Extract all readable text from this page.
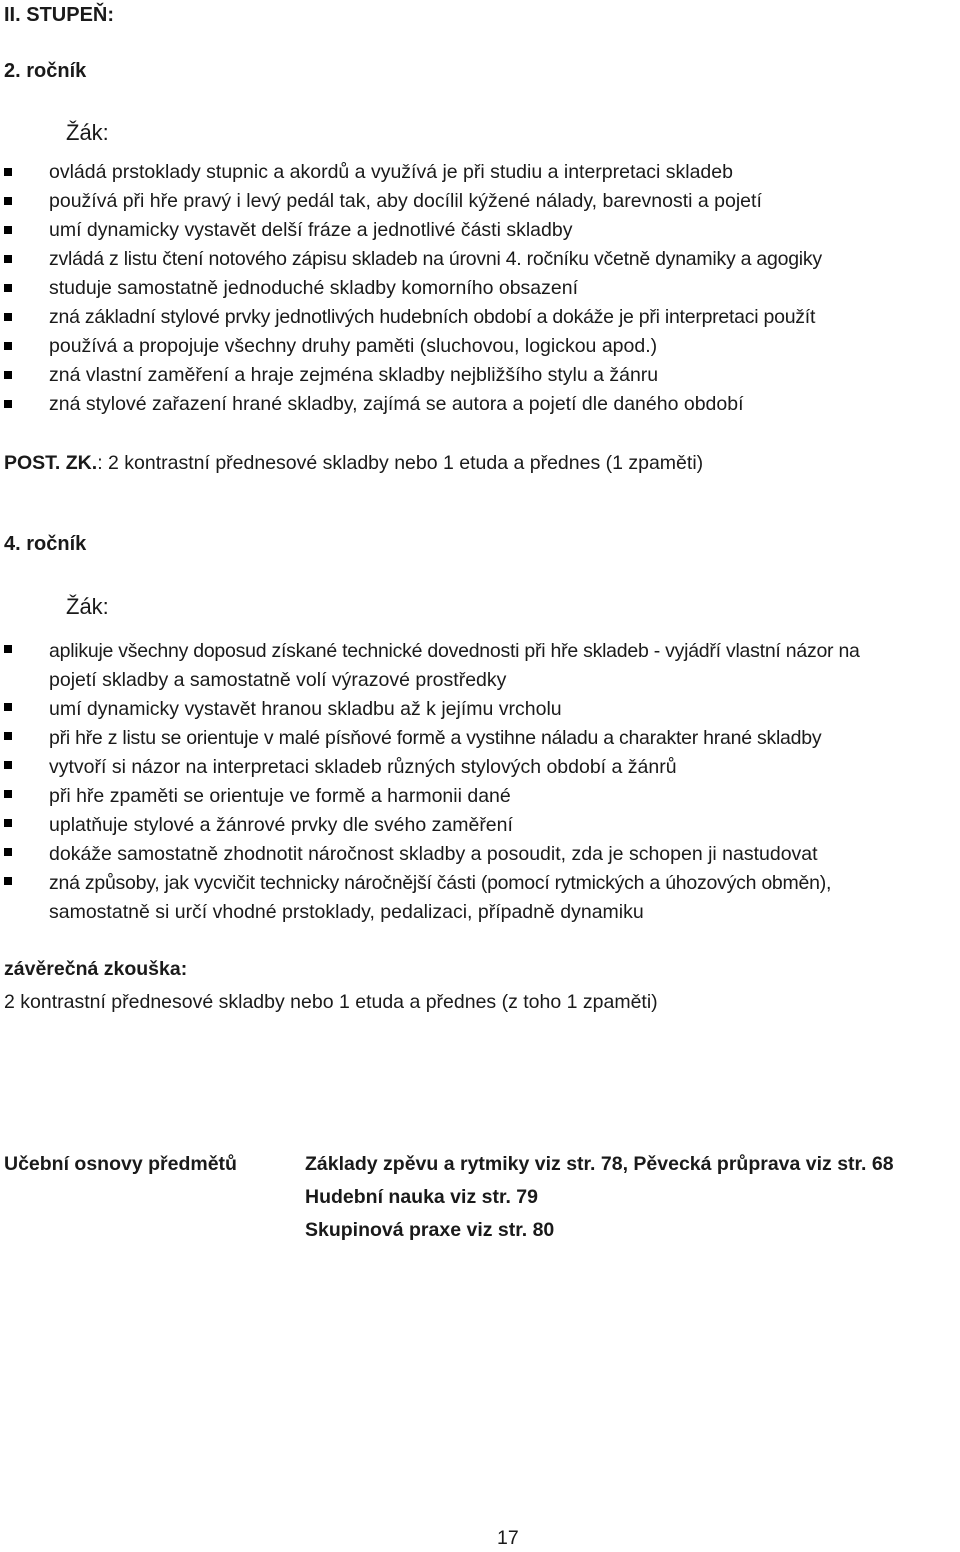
II. STUPEŇ:
2. ročník
Žák:
ovládá prstoklady stupnic a akordů a využívá je při studiu a interpretaci skladeb
používá při hře pravý i levý pedál tak, aby docílil kýžené nálady, barevnosti a pojetí
umí dynamicky vystavět delší fráze a jednotlivé části skladby
zvládá z listu čtení notového zápisu skladeb na úrovni 4. ročníku včetně dynamiky a agogiky
studuje samostatně jednoduché skladby komorního obsazení
zná základní stylové prvky jednotlivých hudebních období a dokáže je při interpretaci použít
používá a propojuje všechny druhy paměti (sluchovou, logickou apod.)
zná vlastní zaměření a hraje zejména skladby nejbližšího stylu a žánru
zná stylové zařazení hrané skladby, zajímá se autora a pojetí dle daného období
POST. ZK.: 2 kontrastní přednesové skladby nebo 1 etuda a přednes (1 zpaměti)
4. ročník
Žák:
aplikuje všechny doposud získané technické dovednosti při hře skladeb - vyjádří vlastní názor na
pojetí skladby a samostatně volí výrazové prostředky
umí dynamicky vystavět hranou skladbu až k jejímu vrcholu
při hře z listu se orientuje v malé písňové formě a vystihne náladu a charakter hrané skladby
vytvoří si názor na interpretaci skladeb různých stylových období a žánrů
při hře zpaměti se orientuje ve formě a harmonii dané
uplatňuje stylové a žánrové prvky dle svého zaměření
dokáže samostatně zhodnotit náročnost skladby a posoudit, zda je schopen ji nastudovat
zná způsoby, jak vycvičit technicky náročnější části (pomocí rytmických a úhozových obměn),
samostatně si určí vhodné prstoklady, pedalizaci, případně dynamiku
závěrečná zkouška:
2 kontrastní přednesové skladby nebo 1 etuda a přednes (z toho 1 zpaměti)
Učební osnovy předmětů	Základy zpěvu a rytmiky viz str. 78, Pěvecká průprava viz str. 68
Hudební nauka viz str. 79
Skupinová praxe viz str. 80
17
